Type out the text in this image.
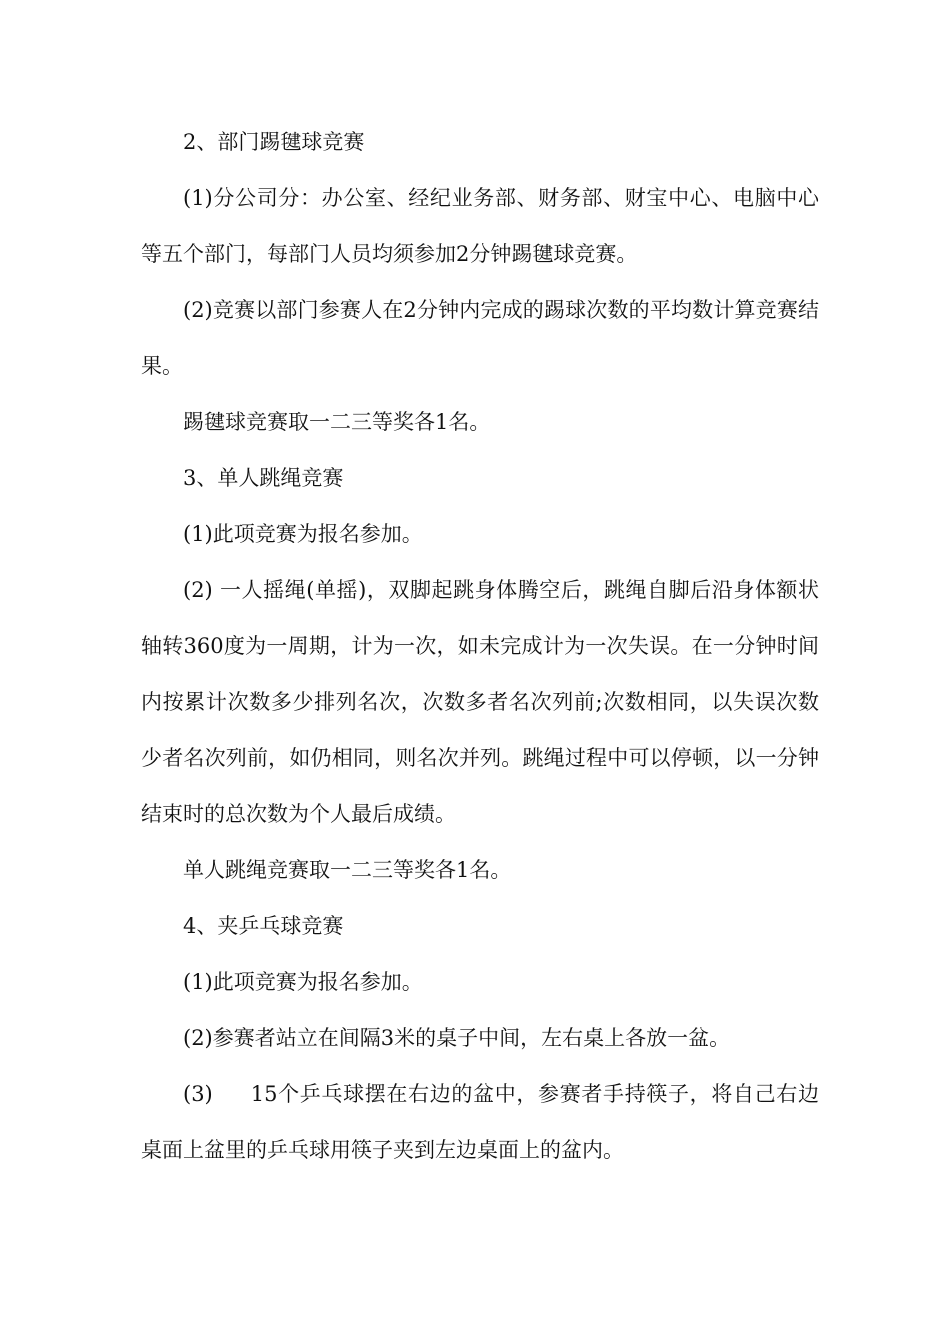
2、部门踢毽球竞赛

(1)分公司分：办公室、经纪业务部、财务部、财宝中心、电脑中心等五个部门，每部门人员均须参加2分钟踢毽球竞赛。

(2)竞赛以部门参赛人在2分钟内完成的踢球次数的平均数计算竞赛结果。

踢毽球竞赛取一二三等奖各1名。

3、单人跳绳竞赛

(1)此项竞赛为报名参加。

(2) 一人摇绳(单摇)，双脚起跳身体腾空后，跳绳自脚后沿身体额状轴转360度为一周期，计为一次，如未完成计为一次失误。在一分钟时间内按累计次数多少排列名次，次数多者名次列前;次数相同，以失误次数少者名次列前，如仍相同，则名次并列。跳绳过程中可以停顿，以一分钟结束时的总次数为个人最后成绩。

单人跳绳竞赛取一二三等奖各1名。

4、夹乒乓球竞赛

(1)此项竞赛为报名参加。

(2)参赛者站立在间隔3米的桌子中间，左右桌上各放一盆。

(3) 15个乒乓球摆在右边的盆中，参赛者手持筷子，将自己右边桌面上盆里的乒乓球用筷子夹到左边桌面上的盆内。
